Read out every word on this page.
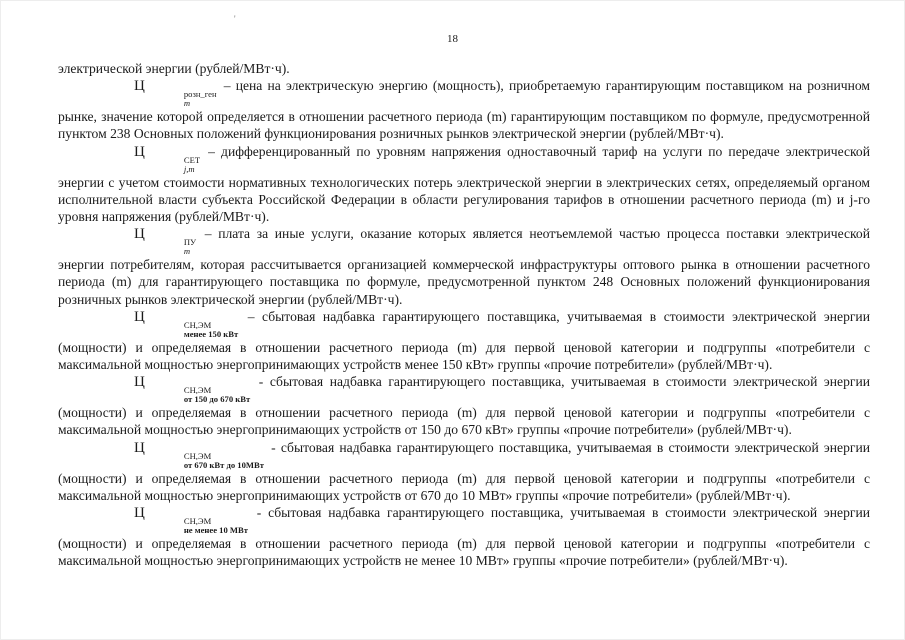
'
18

электрической энергии (рублей/МВт·ч).

Ц	розн_ген
m
– цена на электрическую энергию (мощность), приобретаемую гарантирующим поставщиком на розничном рынке, значение которой определяется в отношении расчетного периода (m) гарантирующим поставщиком по формуле, предусмотренной пунктом 238 Основных положений функционирования розничных рынков электрической энергии (рублей/МВт·ч).

Ц	СЕТ
j,m
– дифференцированный по уровням напряжения одноставочный тариф на услуги по передаче электрической энергии с учетом стоимости нормативных технологических потерь электрической энергии в электрических сетях, определяемый органом исполнительной власти субъекта Российской Федерации в области регулирования тарифов в отношении расчетного периода (m) и j-го уровня напряжения (рублей/МВт·ч).

Ц	ПУ
m
– плата за иные услуги, оказание которых является неотъемлемой частью процесса поставки электрической энергии потребителям, которая рассчитывается организацией коммерческой инфраструктуры оптового рынка в отношении расчетного периода (m) для гарантирующего поставщика по формуле, предусмотренной пунктом 248 Основных положений функционирования розничных рынков электрической энергии (рублей/МВт·ч).

Ц	СН,ЭМ
менее 150 кВт
– сбытовая надбавка гарантирующего поставщика, учитываемая в стоимости электрической энергии (мощности) и определяемая в отношении расчетного периода (m) для первой ценовой категории и подгруппы «потребители с максимальной мощностью энергопринимающих устройств менее 150 кВт» группы «прочие потребители» (рублей/МВт·ч).

Ц	СН,ЭМ
от 150 до 670 кВт
- сбытовая надбавка гарантирующего поставщика, учитываемая в стоимости электрической энергии (мощности) и определяемая в отношении расчетного периода (m) для первой ценовой категории и подгруппы «потребители с максимальной мощностью энергопринимающих устройств от 150 до 670 кВт» группы «прочие потребители» (рублей/МВт·ч).

Ц	СН,ЭМ
от 670 кВт до 10МВт
- сбытовая надбавка гарантирующего поставщика, учитываемая в стоимости электрической энергии (мощности) и определяемая в отношении расчетного периода (m) для первой ценовой категории и подгруппы «потребители с максимальной мощностью энергопринимающих устройств от 670 до 10 МВт» группы «прочие потребители» (рублей/МВт·ч).

Ц	СН,ЭМ
не менее 10 МВт
- сбытовая надбавка гарантирующего поставщика, учитываемая в стоимости электрической энергии (мощности) и определяемая в отношении расчетного периода (m) для первой ценовой категории и подгруппы «потребители с максимальной мощностью энергопринимающих устройств не менее 10 МВт» группы «прочие потребители» (рублей/МВт·ч).
